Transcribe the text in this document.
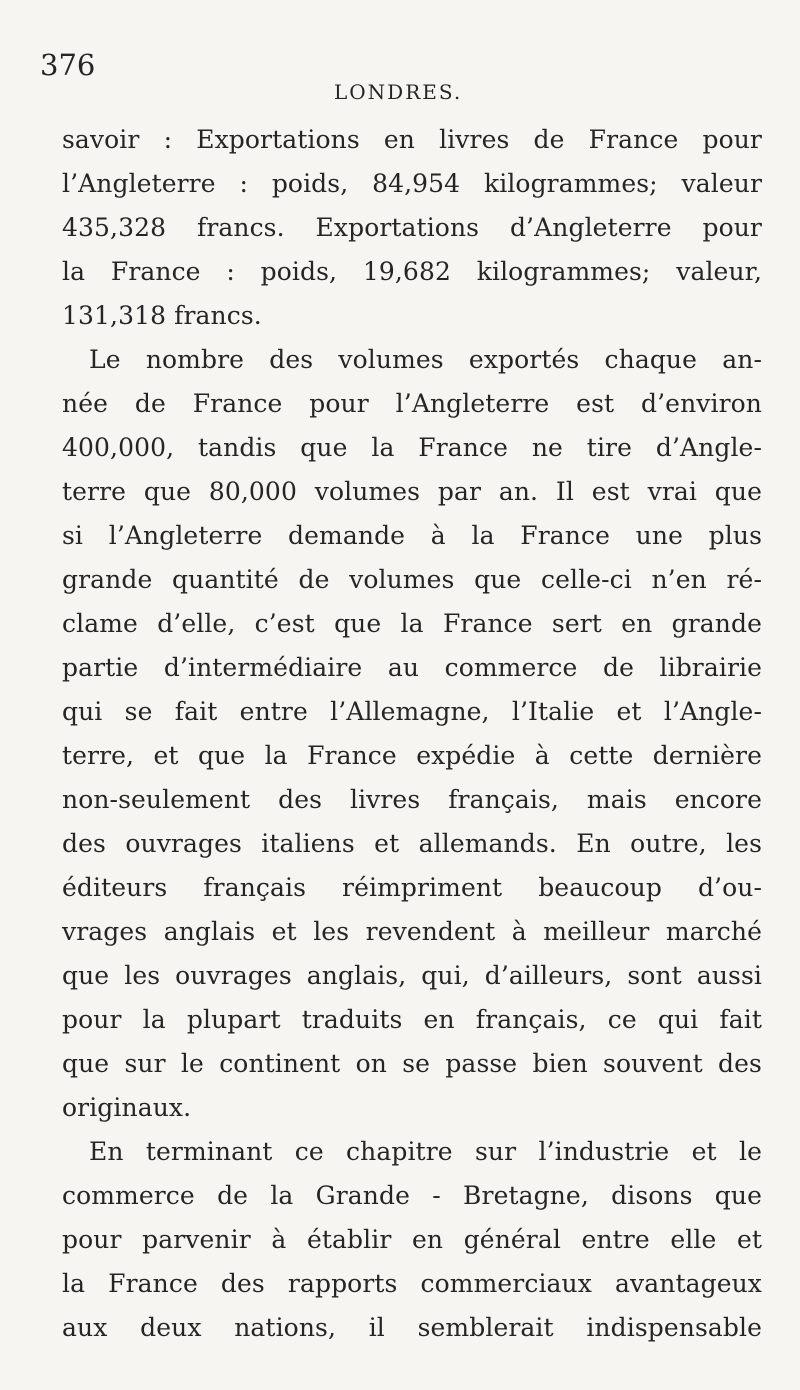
376
LONDRES.
savoir : Exportations en livres de France pour
l’Angleterre : poids, 84,954 kilogrammes; valeur
435,328 francs. Exportations d’Angleterre pour
la France : poids, 19,682 kilogrammes; valeur,
131,318 francs.
Le nombre des volumes exportés chaque an-
née de France pour l’Angleterre est d’environ
400,000, tandis que la France ne tire d’Angle-
terre que 80,000 volumes par an. Il est vrai que
si l’Angleterre demande à la France une plus
grande quantité de volumes que celle-ci n’en ré-
clame d’elle, c’est que la France sert en grande
partie d’intermédiaire au commerce de librairie
qui se fait entre l’Allemagne, l’Italie et l’Angle-
terre, et que la France expédie à cette dernière
non-seulement des livres français, mais encore
des ouvrages italiens et allemands. En outre, les
éditeurs français réimpriment beaucoup d’ou-
vrages anglais et les revendent à meilleur marché
que les ouvrages anglais, qui, d’ailleurs, sont aussi
pour la plupart traduits en français, ce qui fait
que sur le continent on se passe bien souvent des
originaux.
En terminant ce chapitre sur l’industrie et le
commerce de la Grande - Bretagne, disons que
pour parvenir à établir en général entre elle et
la France des rapports commerciaux avantageux
aux deux nations, il semblerait indispensable
